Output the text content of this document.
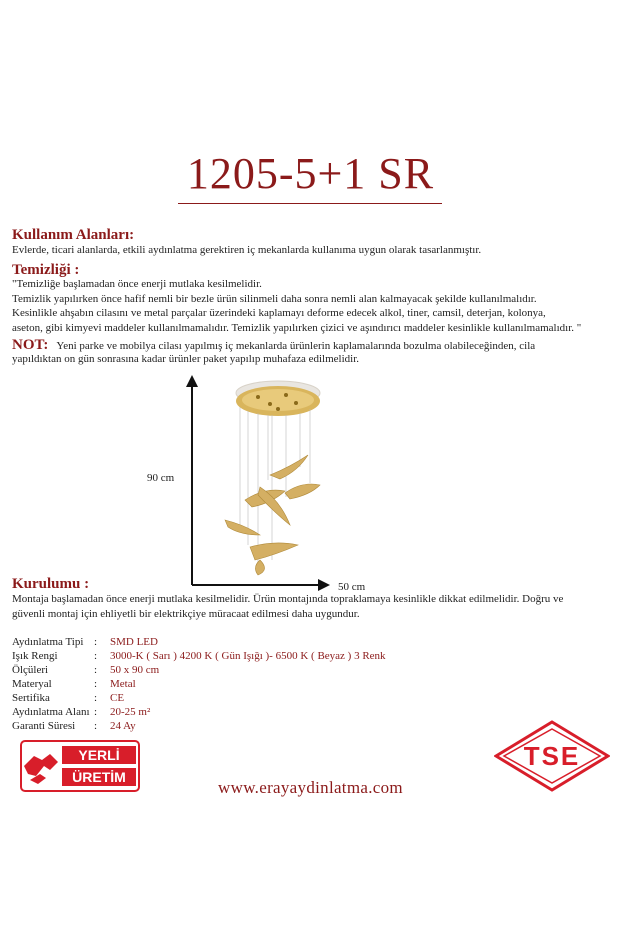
1205-5+1 SR
Kullanım Alanları:
Evlerde, ticari alanlarda, etkili aydınlatma gerektiren iç mekanlarda kullanıma uygun olarak tasarlanmıştır.
Temizliği :
"Temizliğe başlamadan önce enerji mutlaka kesilmelidir.
Temizlik yapılırken önce hafif nemli bir bezle ürün silinmeli daha sonra nemli alan kalmayacak şekilde kullanılmalıdır.
Kesinlikle ahşabın cilasını ve metal parçalar üzerindeki kaplamayı deforme edecek alkol, tiner, camsil, deterjan, kolonya,
aseton, gibi kimyevi maddeler kullanılmamalıdır. Temizlik yapılırken çizici ve aşındırıcı maddeler kesinlikle kullanılmamalıdır. "
NOT: Yeni parke ve mobilya cilası yapılmış iç mekanlarda ürünlerin kaplamalarında bozulma olabileceğinden, cila
yapıldıktan on gün sonrasına kadar ürünler paket yapılıp muhafaza edilmelidir.
90 cm
50 cm
Kurulumu :
Montaja başlamadan önce enerji mutlaka kesilmelidir. Ürün montajında topraklamaya kesinlikle dikkat edilmelidir. Doğru ve
güvenli montaj için ehliyetli bir elektrikçiye müracaat edilmesi daha uygundur.
Aydınlatma Tipi : SMD LED
Işık Rengi	: 3000-K ( Sarı ) 4200 K ( Gün Işığı )- 6500 K ( Beyaz ) 3 Renk
Ölçüleri	: 50 x 90 cm
Materyal	: Metal
Sertifika	: CE
Aydınlatma Alanı : 20-25 m²
Garanti Süresi	: 24 Ay
YERLİ
ÜRETİM
TSE
www.erayaydinlatma.com
